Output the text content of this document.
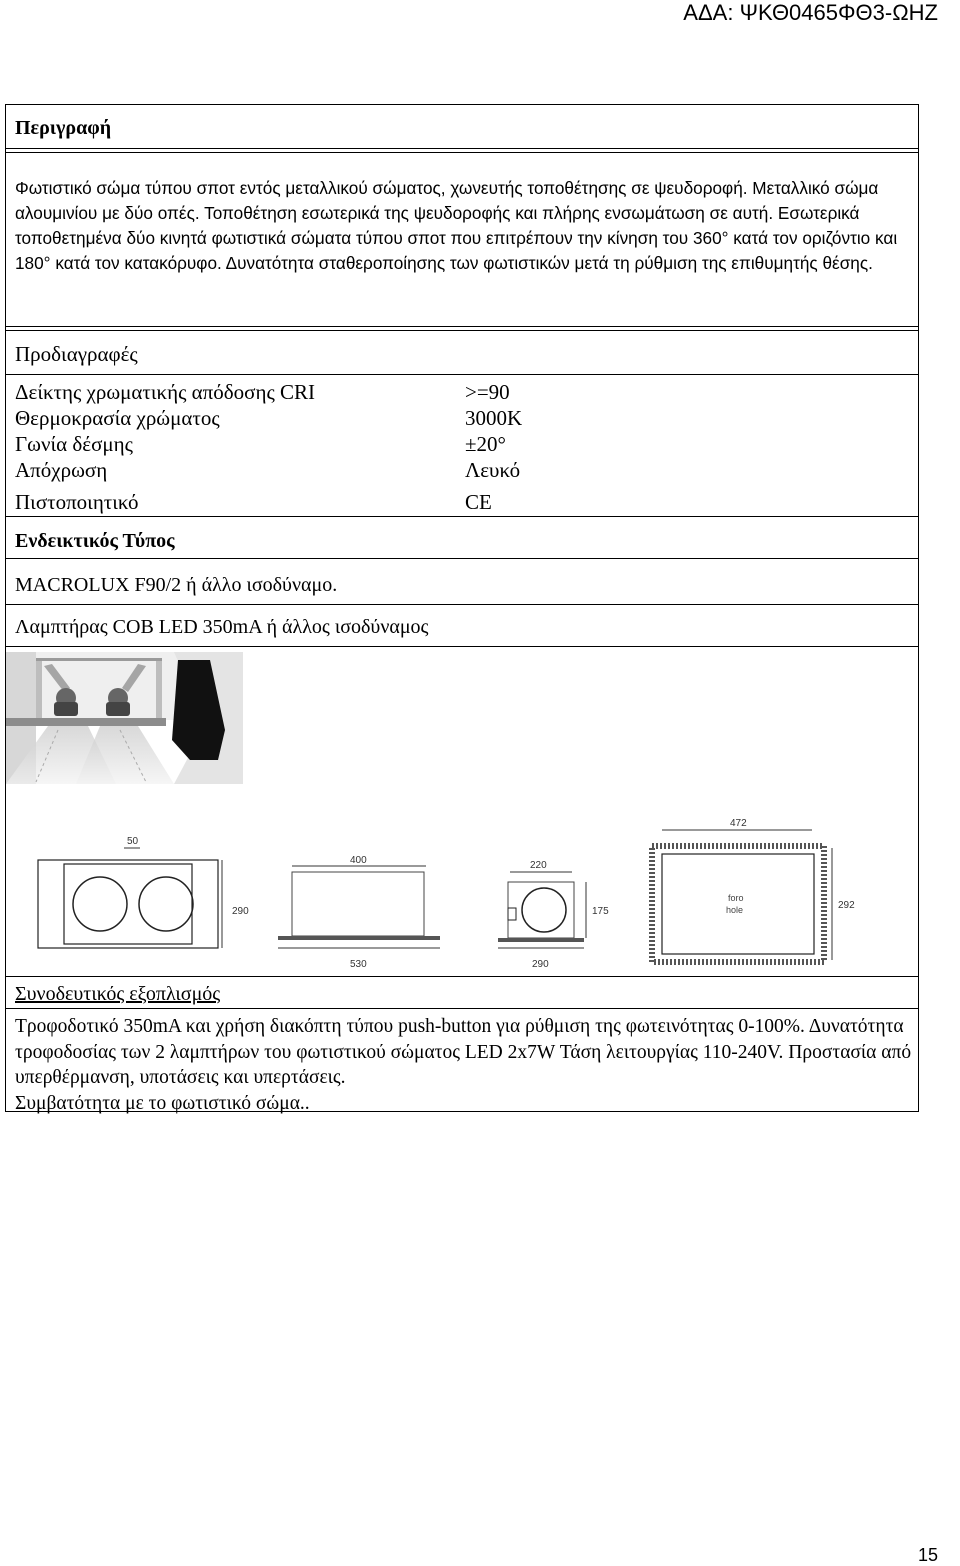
ΑΔΑ: ΨΚΘ0465ΦΘ3-ΩΗΖ
Περιγραφή
Φωτιστικό σώμα τύπου σποτ εντός μεταλλικού σώματος, χωνευτής τοποθέτησης σε ψευδοροφή. Μεταλλικό σώμα αλουμινίου με δύο οπές. Τοποθέτηση εσωτερικά της ψευδοροφής και πλήρης ενσωμάτωση σε αυτή. Εσωτερικά τοποθετημένα δύο κινητά φωτιστικά σώματα τύπου σποτ που επιτρέπουν την κίνηση του 360° κατά τον οριζόντιο και 180° κατά τον κατακόρυφο. Δυνατότητα σταθεροποίησης των φωτιστικών μετά τη ρύθμιση της επιθυμητής θέσης.
Προδιαγραφές
Δείκτης χρωματικής απόδοσης CRI	>=90
Θερμοκρασία χρώματος	3000K
Γωνία δέσμης	±20°
Απόχρωση	Λευκό
Πιστοποιητικό	CE
Ενδεικτικός Τύπος
MACROLUX F90/2 ή άλλο ισοδύναμο.
Λαμπτήρας COB LED 350mA ή άλλος ισοδύναμος
50
290
400
530
220
175
290
472
292
foro
hole
Συνοδευτικός εξοπλισμός

Τροφοδοτικό 350mA και χρήση διακόπτη τύπου push-button για ρύθμιση της φωτεινότητας 0-100%. Δυνατότητα τροφοδοσίας των 2 λαμπτήρων του φωτιστικού σώματος LED 2x7W Τάση λειτουργίας 110-240V. Προστασία από υπερθέρμανση, υποτάσεις και υπερτάσεις.

Συμβατότητα με το φωτιστικό σώμα..

15
